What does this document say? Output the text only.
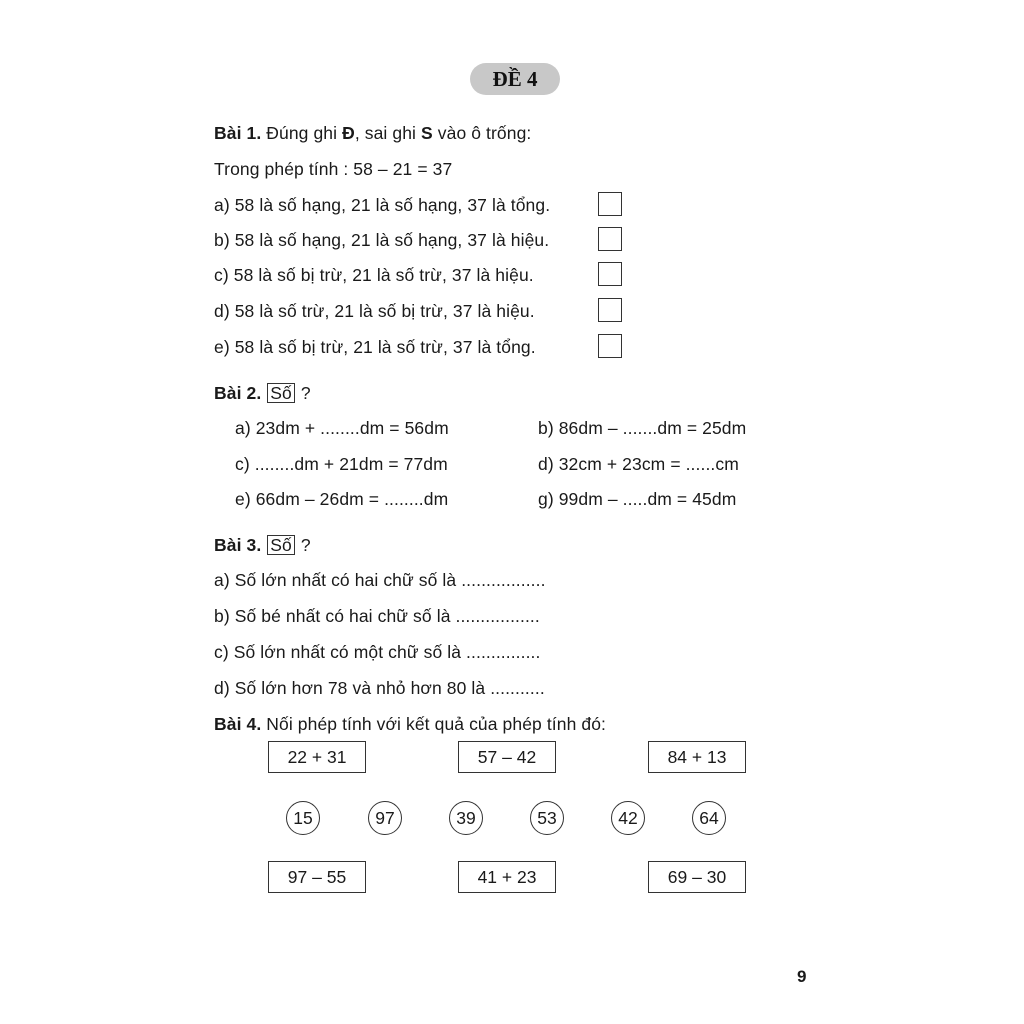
ĐỀ 4
Bài 1. Đúng ghi Đ, sai ghi S vào ô trống:
Trong phép tính : 58 – 21 = 37
a) 58 là số hạng, 21 là số hạng, 37 là tổng.
b) 58 là số hạng, 21 là số hạng, 37 là hiệu.
c) 58 là số bị trừ, 21 là số trừ, 37 là hiệu.
d) 58 là số trừ, 21 là số bị trừ, 37 là hiệu.
e) 58 là số bị trừ, 21 là số trừ, 37 là tổng.
Bài 2. Số ?
a) 23dm + ........dm = 56dm	b) 86dm – .......dm = 25dm
c) ........dm + 21dm = 77dm	d) 32cm + 23cm = ......cm
e) 66dm – 26dm = ........dm	g) 99dm – .....dm = 45dm
Bài 3. Số ?
a) Số lớn nhất có hai chữ số là .................
b) Số bé nhất có hai chữ số là .................
c) Số lớn nhất có một chữ số là ...............
d) Số lớn hơn 78 và nhỏ hơn 80 là ...........
Bài 4. Nối phép tính với kết quả của phép tính đó:
22 + 31	57 – 42	84 + 13
15	97	39	53	42	64
97 – 55	41 + 23	69 – 30
9
